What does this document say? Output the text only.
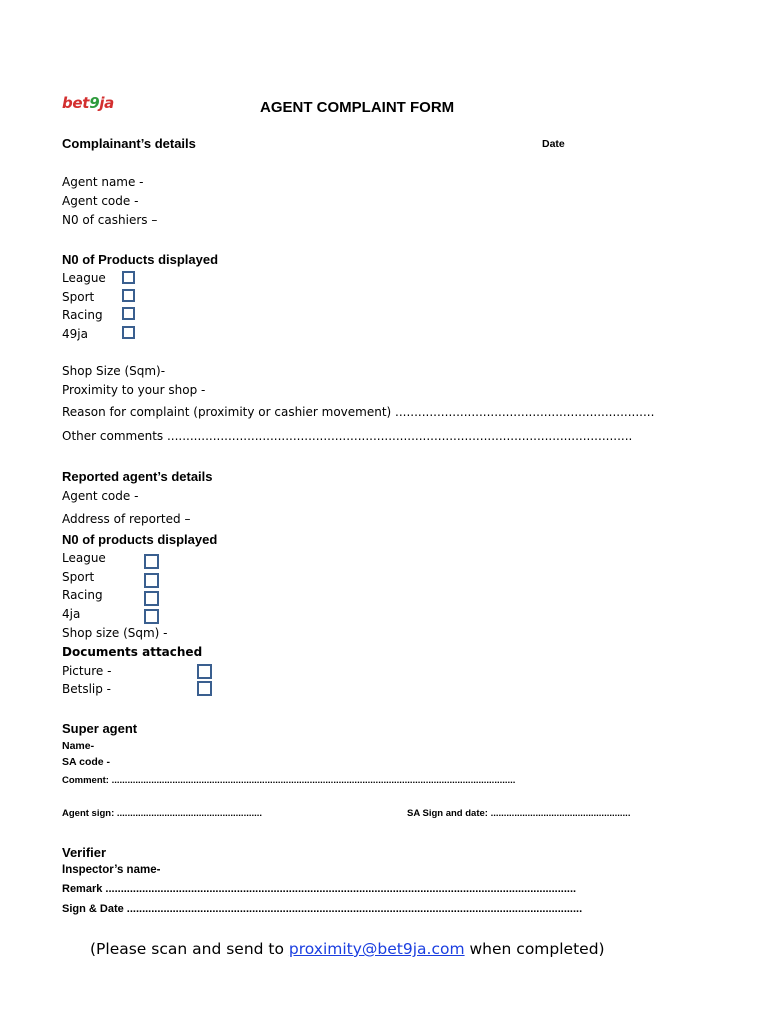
bet9ja	AGENT COMPLAINT FORM
Complainant’s details	Date
Agent name -
Agent code -
N0 of cashiers –
N0 of Products displayed
League
Sport
Racing
49ja
Shop Size (Sqm)-
Proximity to your shop -
Reason for complaint (proximity or cashier movement) ....................................................................
Other comments ..........................................................................................................................
Reported agent’s details
Agent code -
Address of reported –
N0 of products displayed
League
Sport
Racing
4ja
Shop size (Sqm) -
Documents attached
Picture -
Betslip -
Super agent
Name-
SA code -
Comment: .........................................................................................................................................................
Agent sign: .......................................................	SA Sign and date: .....................................................
Verifier
Inspector’s name-
Remark ..........................................................................................................................................................
Sign & Date .....................................................................................................................................................
(Please scan and send to proximity@bet9ja.com when completed)
